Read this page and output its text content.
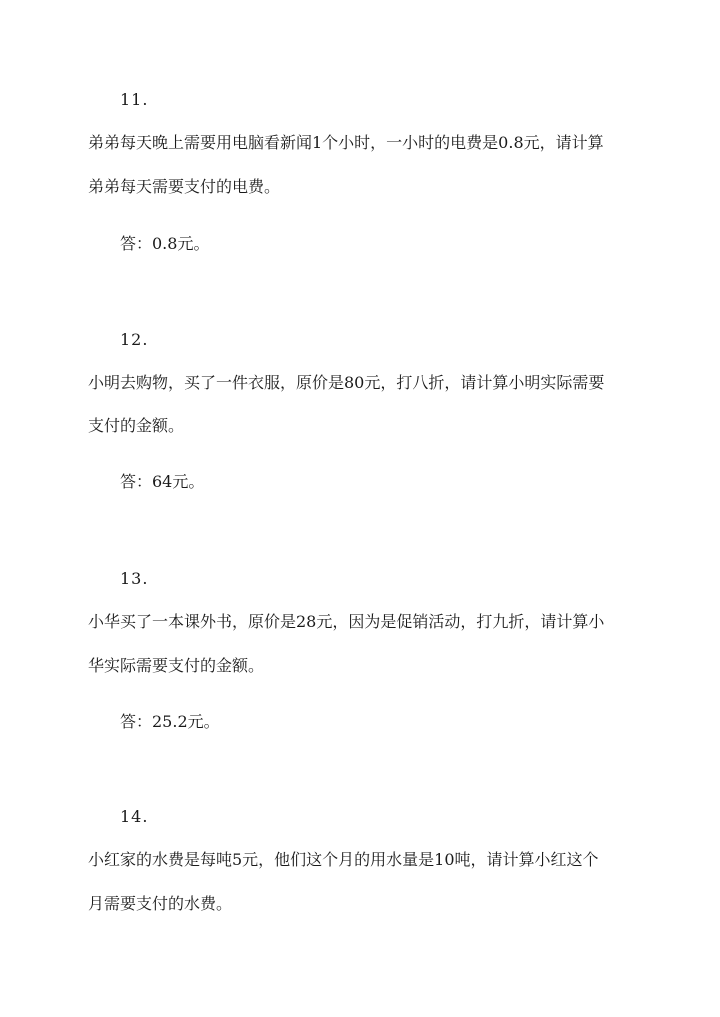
11.
弟弟每天晚上需要用电脑看新闻1个小时，一小时的电费是0.8元，请计算
弟弟每天需要支付的电费。
答：0.8元。
12.
小明去购物，买了一件衣服，原价是80元，打八折，请计算小明实际需要
支付的金额。
答：64元。
13.
小华买了一本课外书，原价是28元，因为是促销活动，打九折，请计算小
华实际需要支付的金额。
答：25.2元。
14.
小红家的水费是每吨5元，他们这个月的用水量是10吨，请计算小红这个
月需要支付的水费。
